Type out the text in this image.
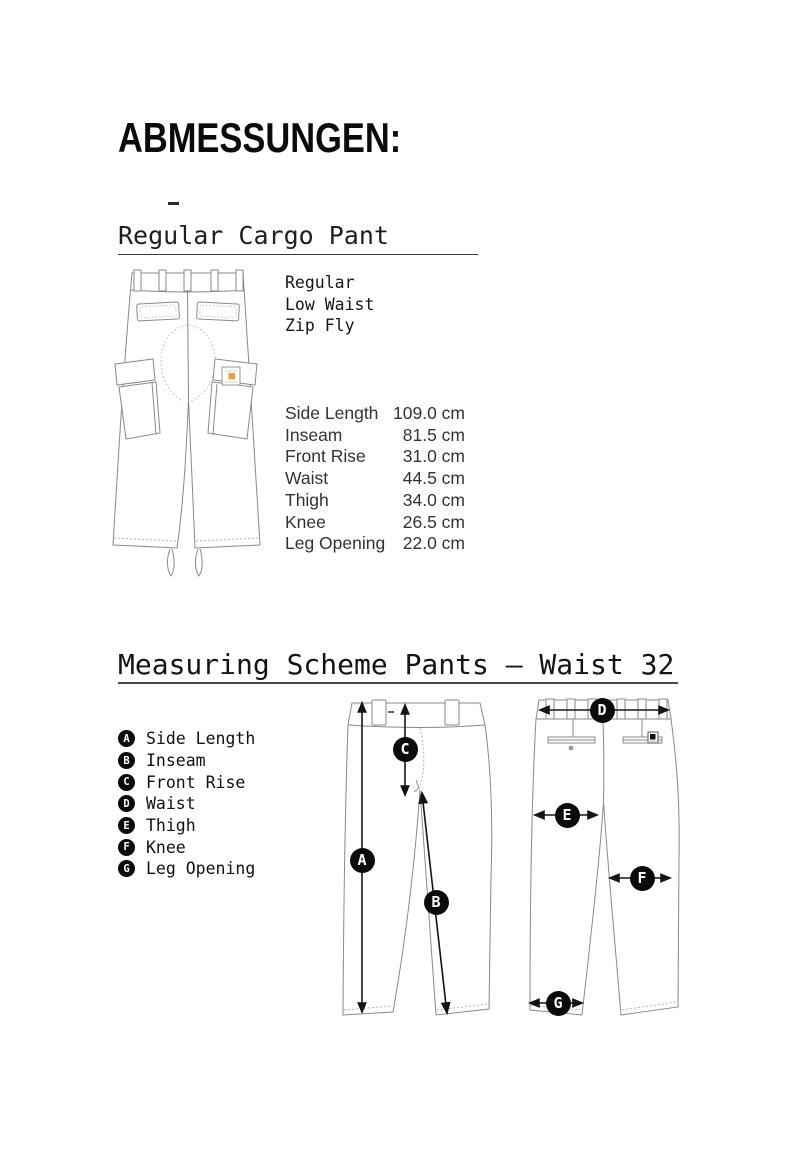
ABMESSUNGEN:
Regular Cargo Pant
Regular
Low Waist
Zip Fly
Side Length 109.0 cm
Inseam	81.5 cm
Front Rise 31.0 cm
Waist	44.5 cm
Thigh	34.0 cm
Knee	26.5 cm
Leg Opening 22.0 cm
Measuring Scheme Pants – Waist 32
A Side Length
B Inseam
C Front Rise
D Waist
E Thigh
F Knee
G Leg Opening	A
B
C
D
E
F
G
